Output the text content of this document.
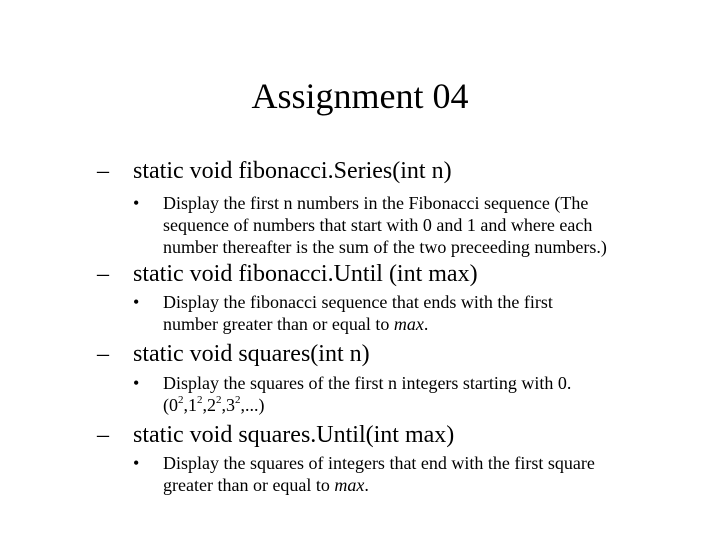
Assignment 04
– static void fibonacci.Series(int n)
• Display the first n numbers in the Fibonacci sequence (The
sequence of numbers that start with 0 and 1 and where each
number thereafter is the sum of the two preceeding numbers.)
– static void fibonacci.Until (int max)
• Display the fibonacci sequence that ends with the first
number greater than or equal to max.
– static void squares(int n)
• Display the squares of the first n integers starting with 0.
$(0^2,1^2,2^2,3^2,...)$
– static void squares.Until(int max)
• Display the squares of integers that end with the first square
greater than or equal to max.
